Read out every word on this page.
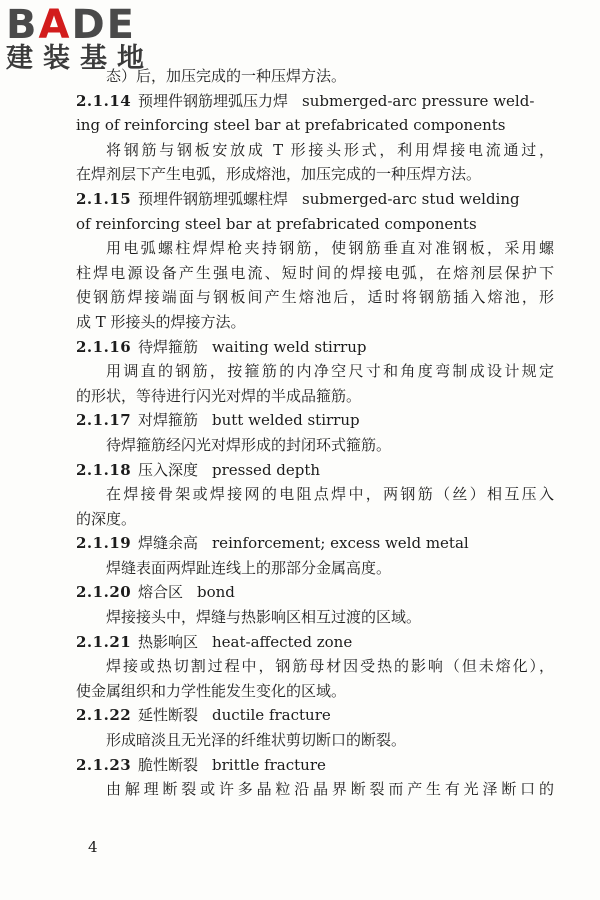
BADE
建装基地
态）后，加压完成的一种压焊方法。
2.1.14 预埋件钢筋埋弧压力焊 submerged-arc pressure weld-
ing of reinforcing steel bar at prefabricated components
将钢筋与钢板安放成 T 形接头形式，利用焊接电流通过，
在焊剂层下产生电弧，形成熔池，加压完成的一种压焊方法。
2.1.15 预埋件钢筋埋弧螺柱焊 submerged-arc stud welding
of reinforcing steel bar at prefabricated components
用电弧螺柱焊焊枪夹持钢筋，使钢筋垂直对准钢板，采用螺
柱焊电源设备产生强电流、短时间的焊接电弧，在熔剂层保护下
使钢筋焊接端面与钢板间产生熔池后，适时将钢筋插入熔池，形
成 T 形接头的焊接方法。
2.1.16 待焊箍筋 waiting weld stirrup
用调直的钢筋，按箍筋的内净空尺寸和角度弯制成设计规定
的形状，等待进行闪光对焊的半成品箍筋。
2.1.17 对焊箍筋 butt welded stirrup
待焊箍筋经闪光对焊形成的封闭环式箍筋。
2.1.18 压入深度 pressed depth
在焊接骨架或焊接网的电阻点焊中，两钢筋（丝）相互压入
的深度。
2.1.19 焊缝余高 reinforcement; excess weld metal
焊缝表面两焊趾连线上的那部分金属高度。
2.1.20 熔合区 bond
焊接接头中，焊缝与热影响区相互过渡的区域。
2.1.21 热影响区 heat-affected zone
焊接或热切割过程中，钢筋母材因受热的影响（但未熔化），
使金属组织和力学性能发生变化的区域。
2.1.22 延性断裂 ductile fracture
形成暗淡且无光泽的纤维状剪切断口的断裂。
2.1.23 脆性断裂 brittle fracture
由解理断裂或许多晶粒沿晶界断裂而产生有光泽断口的
4
